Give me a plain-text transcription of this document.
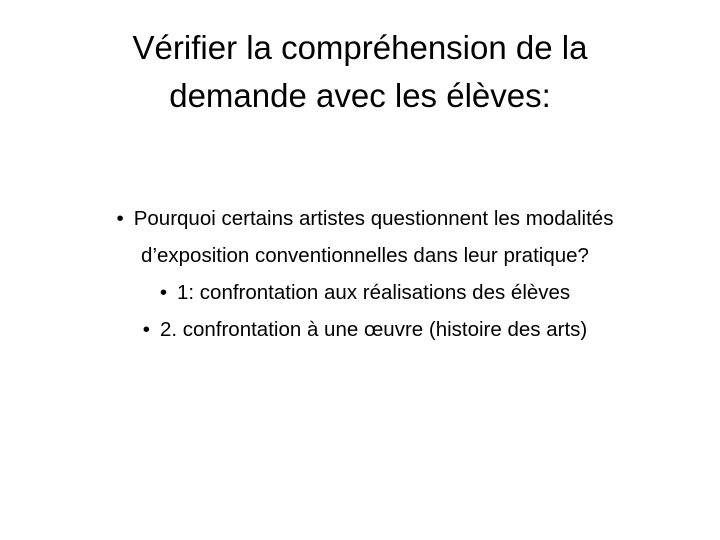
Vérifier la compréhension de la demande avec les élèves:
• Pourquoi certains artistes questionnent les modalités
d’exposition conventionnelles dans leur pratique?
• 1: confrontation aux réalisations des élèves
• 2. confrontation à une œuvre (histoire des arts)
